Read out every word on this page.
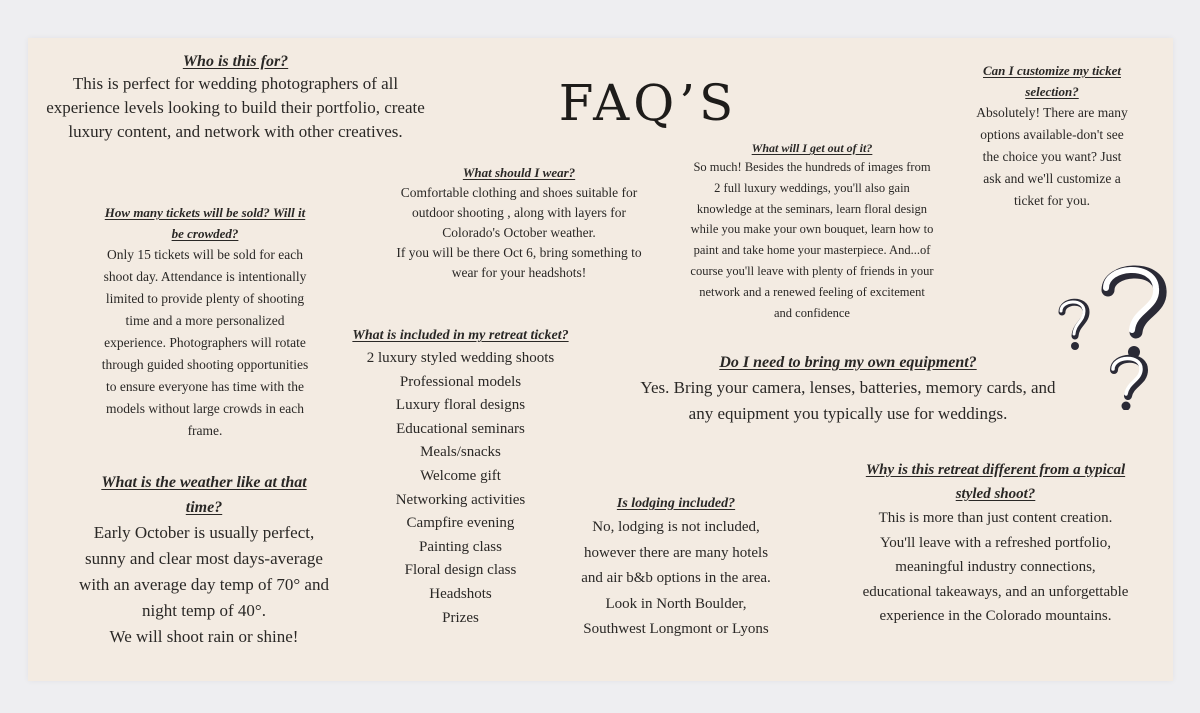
FAQ’S

Who is this for?

This is perfect for wedding photographers of all
experience levels looking to build their portfolio, create
luxury content, and network with other creatives.
How many tickets will be sold? Will it
be crowded?
Only 15 tickets will be sold for each
shoot day. Attendance is intentionally
limited to provide plenty of shooting
time and a more personalized
experience. Photographers will rotate
through guided shooting opportunities
to ensure everyone has time with the
models without large crowds in each
frame.
What is the weather like at that
time?
Early October is usually perfect,
sunny and clear most days-average
with an average day temp of 70° and
night temp of 40°.
We will shoot rain or shine!

What should I wear?

Comfortable clothing and shoes suitable for
outdoor shooting , along with layers for
Colorado's October weather.
If you will be there Oct 6, bring something to
wear for your headshots!

What is included in my retreat ticket?

2 luxury styled wedding shoots
Professional models
Luxury floral designs
Educational seminars
Meals/snacks
Welcome gift
Networking activities
Campfire evening
Painting class
Floral design class
Headshots
Prizes

What will I get out of it?

So much! Besides the hundreds of images from
2 full luxury weddings, you'll also gain
knowledge at the seminars, learn floral design
while you make your own bouquet, learn how to
paint and take home your masterpiece. And...of
course you'll leave with plenty of friends in your
network and a renewed feeling of excitement
and confidence
Can I customize my ticket
selection?
Absolutely! There are many
options available-don't see
the choice you want? Just
ask and we'll customize a
ticket for you.

Do I need to bring my own equipment?

Yes. Bring your camera, lenses, batteries, memory cards, and
any equipment you typically use for weddings.

Is lodging included?

No, lodging is not included,
however there are many hotels
and air b&b options in the area.
Look in North Boulder,
Southwest Longmont or Lyons
Why is this retreat different from a typical
styled shoot?
This is more than just content creation.
You'll leave with a refreshed portfolio,
meaningful industry connections,
educational takeaways, and an unforgettable
experience in the Colorado mountains.
